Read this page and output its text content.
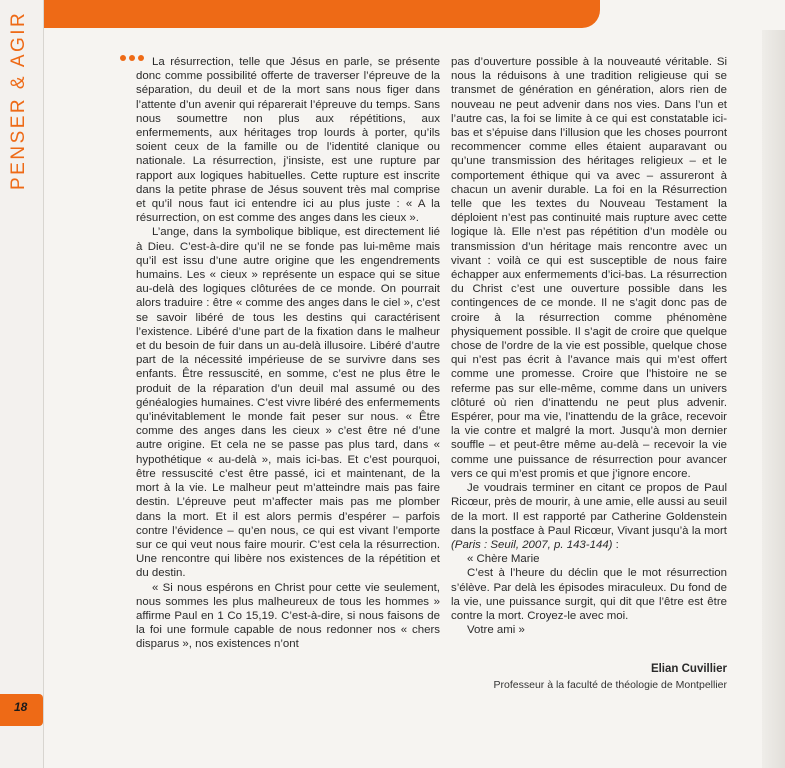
PENSER & AGIR
18

La résurrection, telle que Jésus en parle, se présente donc comme possibilité offerte de traverser l’épreuve de la séparation, du deuil et de la mort sans nous figer dans l’attente d’un avenir qui réparerait l’épreuve du temps. Sans nous soumettre non plus aux répétitions, aux enfermements, aux héritages trop lourds à porter, qu’ils soient ceux de la famille ou de l’identité clanique ou nationale. La résurrection, j’insiste, est une rupture par rapport aux logiques habituelles. Cette rupture est inscrite dans la petite phrase de Jésus souvent très mal comprise et qu’il nous faut ici entendre ici au plus juste : « A la résurrection, on est comme des anges dans les cieux ».

L’ange, dans la symbolique biblique, est directement lié à Dieu. C’est-à-dire qu’il ne se fonde pas lui-même mais qu’il est issu d’une autre origine que les engendrements humains. Les « cieux » représente un espace qui se situe au-delà des logiques clôturées de ce monde. On pourrait alors traduire : être « comme des anges dans le ciel », c’est se savoir libéré de tous les destins qui caractérisent l’existence. Libéré d’une part de la fixation dans le malheur et du besoin de fuir dans un au-delà illusoire. Libéré d’autre part de la nécessité impérieuse de se survivre dans ses enfants. Être ressuscité, en somme, c’est ne plus être le produit de la réparation d’un deuil mal assumé ou des généalogies humaines. C’est vivre libéré des enfermements qu’inévitablement le monde fait peser sur nous. « Être comme des anges dans les cieux » c’est être né d’une autre origine. Et cela ne se passe pas plus tard, dans « hypothétique « au-delà », mais ici-bas. Et c’est pourquoi, être ressuscité c’est être passé, ici et maintenant, de la mort à la vie. Le malheur peut m’atteindre mais pas faire destin. L’épreuve peut m’affecter mais pas me plomber dans la mort. Et il est alors permis d’espérer – parfois contre l’évidence – qu’en nous, ce qui est vivant l’emporte sur ce qui veut nous faire mourir. C’est cela la résurrection. Une rencontre qui libère nos existences de la répétition et du destin.

« Si nous espérons en Christ pour cette vie seulement, nous sommes les plus malheureux de tous les hommes » affirme Paul en 1 Co 15,19. C’est-à-dire, si nous faisons de la foi une formule capable de nous redonner nos « chers disparus », nos existences n’ont

pas d’ouverture possible à la nouveauté véritable. Si nous la réduisons à une tradition religieuse qui se transmet de génération en génération, alors rien de nouveau ne peut advenir dans nos vies. Dans l’un et l’autre cas, la foi se limite à ce qui est constatable ici-bas et s’épuise dans l’illusion que les choses pourront recommencer comme elles étaient auparavant ou qu’une transmission des héritages religieux – et le comportement éthique qui va avec – assureront à chacun un avenir durable. La foi en la Résurrection telle que les textes du Nouveau Testament la déploient n’est pas continuité mais rupture avec cette logique là. Elle n’est pas répétition d’un modèle ou transmission d’un héritage mais rencontre avec un vivant : voilà ce qui est susceptible de nous faire échapper aux enfermements d’ici-bas. La résurrection du Christ c’est une ouverture possible dans les contingences de ce monde. Il ne s’agit donc pas de croire à la résurrection comme phénomène physiquement possible. Il s’agit de croire que quelque chose de l’ordre de la vie est possible, quelque chose qui n’est pas écrit à l’avance mais qui m’est offert comme une promesse. Croire que l’histoire ne se referme pas sur elle-même, comme dans un univers clôturé où rien d’inattendu ne peut plus advenir. Espérer, pour ma vie, l’inattendu de la grâce, recevoir la vie contre et malgré la mort. Jusqu’à mon dernier souffle – et peut-être même au-delà – recevoir la vie comme une puissance de résurrection pour avancer vers ce qui m’est promis et que j’ignore encore.

Je voudrais terminer en citant ce propos de Paul Ricœur, près de mourir, à une amie, elle aussi au seuil de la mort. Il est rapporté par Catherine Goldenstein dans la postface à Paul Ricœur, Vivant jusqu’à la mort (Paris : Seuil, 2007, p. 143-144) :

« Chère Marie

C’est à l’heure du déclin que le mot résurrection s’élève. Par delà les épisodes miraculeux. Du fond de la vie, une puissance surgit, qui dit que l’être est être contre la mort. Croyez-le avec moi.

Votre ami »

Elian Cuvillier
Professeur à la faculté de théologie de Montpellier
